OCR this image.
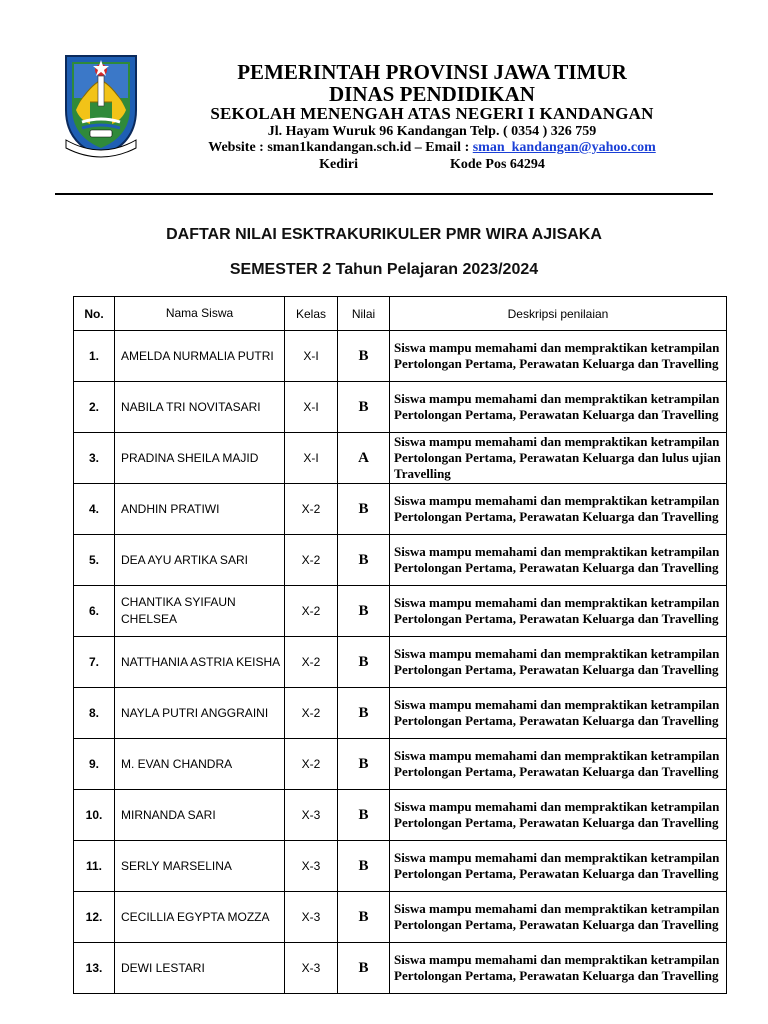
PEMERINTAH PROVINSI JAWA TIMUR
DINAS PENDIDIKAN
SEKOLAH MENENGAH ATAS NEGERI I KANDANGAN
Jl. Hayam Wuruk 96 Kandangan Telp. ( 0354 ) 326 759
Website : sman1kandangan.sch.id – Email : sman_kandangan@yahoo.com
Kediri	Kode Pos 64294
DAFTAR NILAI ESKTRAKURIKULER PMR WIRA AJISAKA
SEMESTER 2 Tahun Pelajaran 2023/2024
No.	Nama Siswa	Kelas	Nilai	Deskripsi penilaian
1.	AMELDA NURMALIA PUTRI	X-I	B	Siswa mampu memahami dan mempraktikan ketrampilan Pertolongan Pertama, Perawatan Keluarga dan Travelling
2.	NABILA TRI NOVITASARI	X-I	B	Siswa mampu memahami dan mempraktikan ketrampilan Pertolongan Pertama, Perawatan Keluarga dan Travelling
3.	PRADINA SHEILA MAJID	X-I	A	Siswa mampu memahami dan mempraktikan ketrampilan Pertolongan Pertama, Perawatan Keluarga dan lulus ujian Travelling
4.	ANDHIN PRATIWI	X-2	B	Siswa mampu memahami dan mempraktikan ketrampilan Pertolongan Pertama, Perawatan Keluarga dan Travelling
5.	DEA AYU ARTIKA SARI	X-2	B	Siswa mampu memahami dan mempraktikan ketrampilan Pertolongan Pertama, Perawatan Keluarga dan Travelling
6.	CHANTIKA SYIFAUN CHELSEA	X-2	B	Siswa mampu memahami dan mempraktikan ketrampilan Pertolongan Pertama, Perawatan Keluarga dan Travelling
7.	NATTHANIA ASTRIA KEISHA	X-2	B	Siswa mampu memahami dan mempraktikan ketrampilan Pertolongan Pertama, Perawatan Keluarga dan Travelling
8.	NAYLA PUTRI ANGGRAINI	X-2	B	Siswa mampu memahami dan mempraktikan ketrampilan Pertolongan Pertama, Perawatan Keluarga dan Travelling
9.	M. EVAN CHANDRA	X-2	B	Siswa mampu memahami dan mempraktikan ketrampilan Pertolongan Pertama, Perawatan Keluarga dan Travelling
10.	MIRNANDA SARI	X-3	B	Siswa mampu memahami dan mempraktikan ketrampilan Pertolongan Pertama, Perawatan Keluarga dan Travelling
11.	SERLY MARSELINA	X-3	B	Siswa mampu memahami dan mempraktikan ketrampilan Pertolongan Pertama, Perawatan Keluarga dan Travelling
12.	CECILLIA EGYPTA MOZZA	X-3	B	Siswa mampu memahami dan mempraktikan ketrampilan Pertolongan Pertama, Perawatan Keluarga dan Travelling
13.	DEWI LESTARI	X-3	B	Siswa mampu memahami dan mempraktikan ketrampilan Pertolongan Pertama, Perawatan Keluarga dan Travelling
